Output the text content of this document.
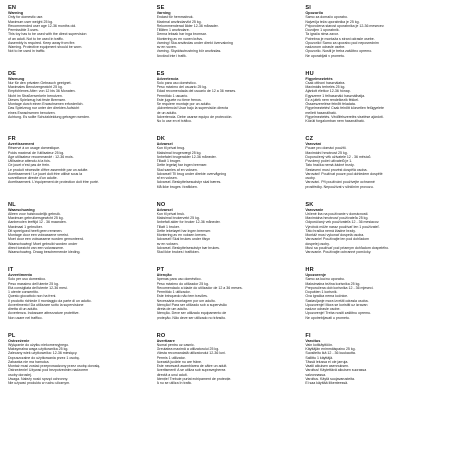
EN
Warning
Only for domestic use.
Maximum user weight 25 kg.
Recommended user age 12-36 months old.
Permissible 3 uses.
This toy has to be used with the direct supervision
of an adult. Not to be used in traffic.
Assembly is required. Keep away from fire.
Warning. Protective equipment should be worn.
Not to be used in traffic.
DE
Warnung
Nur für den privaten Gebrauch geeignet.
Maximales Benutzergewicht 25 kg.
Empfohlenes Alter: von 12 bis 36 Monaten.
Nicht im Straßenverkehr benutzen.
Dieses Spielzeug hat feste Bremsen.
Montage durch einen Erwachsenen erforderlich.
Das Spielzeug nur unter der direkten Aufsicht
eines Erwachsenen benutzen.
Achtung. Es sollte Schutzkleidung getragen werden.
FR
Avertissement
Réservé à un usage domestique.
Poids maximal de l'utilisateur 25 kg.
Âge utilisateur recommandé : 12-36 mois.
Utilisateur attendu à la fois.
Ce jouet n'est pas de frein.
Le produit nécessite d'être assemblé par un adulte.
Avertissement ! Le jouet doit être utilisé sous la
surveillance directe d'un adulte.
Avertissement. L'équipement de protection doit être porté.
NL
Waarschuwing
Alleen voor huishoudelijk gebruik.
Maximum gebruikersgewicht 25 kg.
Aanbevolen leeftijd 12 - 36 maanden.
Maximaal 1 gebruiker.
Dit speelgoed heeft geen remmen.
Montage door een volwassene vereist.
Moet door een volwassene worden gemonteerd.
Waarschuwing! Moet gebruikt worden onder
direct toezicht van een volwassene.
Waarschuwing. Draag beschermende kleding.
IT
Avvertimento
Solo per uso domestico.
Peso massimo dell'utente 25 kg.
Età consigliata dell'utente 12-36 mesi.
1 utente consentito.
Questo giocattolo non ha freni.
Il prodotto richiede il montaggio da parte di un adulto.
Avvertimento! Da utilizzare sotto la supervisione
diretta di un adulto.
Avvertenza. Indossare attrezzature protettive.
Non usare nel traffico.
PL
Ostrzeżenie
Wyłącznie do użytku niekomercyjnego.
Maksymalna waga użytkownika 25 kg.
Zalecany wiek użytkownika: 12-36 miesięcy.
Dopuszczalne do użytkowania przez 1 osobę.
Zabawka nie ma hamulca.
Montaż musi zostać przeprowadzony przez osobę dorosłą.
Ostrzeżenie! Używać pod bezpośrednim nadzorem
osoby dorosłej.
Uwaga. Należy nosić sprzęt ochronny.
Nie używać produktu w ruchu ulicznym.
SE
Varning
Endast för hemmabruk.
Maximal användarvikt 25 kg.
Rekommenderad ålder 12-36 månader.
Tillåten 1 användare.
Denna leksak har inga bromsar.
Montering av en vuxen krävs.
Varning! Ska användas under direkt övervakning
av en vuxen.
Varning. Skyddsutrustning bör användas.
Använd inte i trafik.
ES
Advertencia
Solo para uso doméstico.
Peso máximo del usuario 25 kg.
Edad recomendada del usuario de 12 a 36 meses.
Permitido 1 usuario.
Este juguete no tiene frenos.
Se requiere montaje por un adulto.
¡Advertencia! Usar bajo la supervisión directa
de un adulto.
Advertencia. Debe usarse equipo de protección.
No lo use en el tráfico.
DK
Advarsel
Kun til privat brug.
Maksimal brugervægt 25 kg.
Anbefalet brugeralder 12-36 måneder.
Tilladt 1 bruger.
Dette legetøj har ingen bremser.
Skal samles af en voksen.
Advarsel! Til brug under direkte overvågning
af en voksen.
Advarsel. Beskyttelsesudstyr skal bæres.
Må ikke bruges i trafikken.
NO
Advarsel
Kun til privat bruk.
Maksimal brukervekt 25 kg.
Anbefalt alder for bruker 12-36 måneder.
Tillatt 1 bruker.
Dette leketøyet har ingen bremser.
Montering av en voksen kreves.
Advarsel! Skal brukes under tilsyn
av en voksen.
Advarsel. Beskyttelsesutstyr bør brukes.
Skal ikke brukes i trafikken.
PT
Atenção
Apenas para uso doméstico.
Peso máximo do utilizador 25 kg.
Recomendado a idade do utilizador de 12 a 36 meses.
Permitido 1 utilizador.
Este brinquedo não tem travões.
Necessária montagem por um adulto.
Atenção! Para ser utilizado sob a supervisão
direta de um adulto.
Atenção. Deve ser utilizado equipamento de
proteção. Não deve ser utilizado no trânsito.
RO
Avertizare
Numai pentru uz casnic.
Greutatea maximă a utilizatorului 25 kg.
Vârsta recomandată utilizatorului 12-36 luni.
Permis 1 utilizator.
Această jucărie nu are frâne.
Este necesară asamblarea de către un adult.
Avertisment! A se utiliza sub supravegherea
directă a unui adult.
Atenție! Trebuie purtat echipament de protecție.
A nu se utiliza în trafic.
SI
Opozorilo
Samo za domačo uporabo.
Največja teža uporabnika je 25 kg.
Priporočena starost uporabnika je 12-36 mesecev.
Dovoljen 1 uporabnik.
Ta igrača nima zavor.
Potrebna je montaža s strani odrasle osebe.
Opozorilo! Samo za uporabo pod neposrednim
nadzorom odrasle osebe.
Opozorilo. Nositi je treba zaščitno opremo.
Ne uporabljati v prometu.
HU
Figyelmeztetés
Csak otthoni használatra.
Maximális terhelés 25 kg.
Ajánlott életkor 12-36 hónap.
Egyszerre 1 felhasználó használhatja.
Ez a játék nem rendelkezik fékkel.
Összeszerelése felnőtt feladata.
Figyelmeztetés! Csak felnőtt közvetlen felügyelete
mellett használható.
Figyelmeztetés. Védőfelszerelés viselése ajánlott.
Közúti forgalomban nem használható.
CZ
Varování
Pouze pro domácí použití.
Maximální hmotnost 25 kg.
Doporučený věk uživatele 12 - 36 měsíců.
Povolený počet uživatelů je 1.
Tato hračka nemá žádné brzdy.
Sestavení musí provést dospělá osoba.
Varování! Používat pouze pod dohledem dospělé
osoby.
Varování. Při používání používejte ochranné
prostředky. Nepoužívat v silničním provozu.
SK
Varovanie
Určené iba na používanie v domácnosti.
Maximálna hmotnosť používateľa 25 kg.
Odporúčaný vek používateľa 12 - 36 mesiacov.
Výrobok môže naraz používať len 1 používateľ.
Táto hračka nemá žiadne brzdy.
Montáž musí vykonať dospelá osoba.
Varovanie! Používajte len pod dohľadom
dospelej osoby.
Musí sa používať pod priamym dohľadom dospelého.
Varovanie. Používajte ochranné pomôcky.
HR
Upozorenje
Samo za kućnu uporabu.
Maksimalna težina korisnika 25 kg.
Preporučena dob korisnika 12 - 36 mjeseci.
Dopušten 1 korisnik.
Ova igračka nema kočnice.
Sastavljanje mora izvršiti odrasla osoba.
Upozorenje! Mora se koristiti uz izravan
nadzor odrasle osobe.
Upozorenje! Treba nositi zaštitnu opremu.
Ne upotrebljavati u prometu.
FI
Varoitus
Vain kotikäyttöön.
Käyttäjän enimmäispaino 25 kg.
Suositeltu ikä 12 - 36 kuukautta.
Sallittu 1 käyttäjä.
Tässä lelussa ei ole jarruja.
Vaatii aikuisen asennuksen.
Varoitus! Käytettävä aikuisen suorassa
valvonnassa.
Varoitus. Käytä suojavarusteita.
Ei saa käyttää liikenteessä.
